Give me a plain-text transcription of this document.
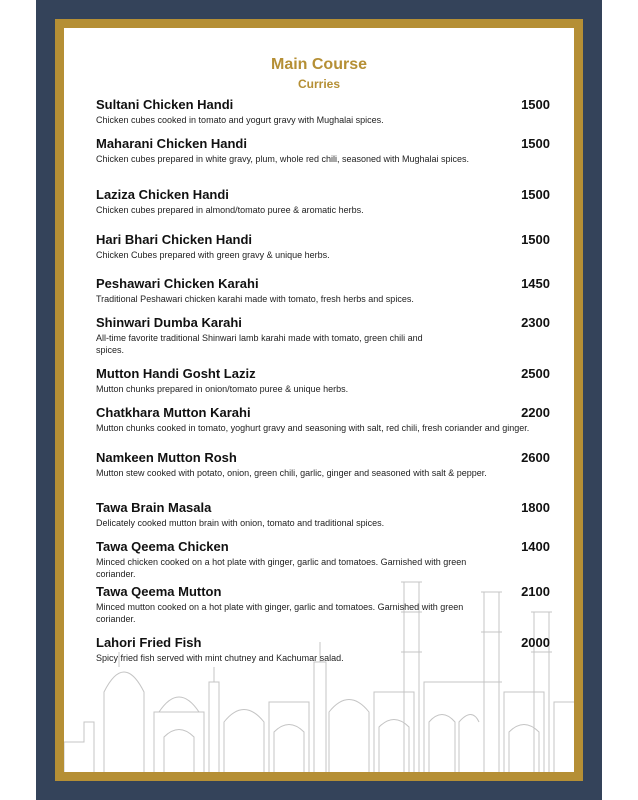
Main Course
Curries
Sultani Chicken Handi	1500
Chicken cubes cooked in tomato and yogurt gravy with Mughalai spices.
Maharani Chicken Handi	1500
Chicken cubes prepared in white gravy, plum, whole red chili, seasoned with Mughalai spices.
Laziza Chicken Handi	1500
Chicken cubes prepared in almond/tomato puree & aromatic herbs.
Hari Bhari Chicken Handi	1500
Chicken Cubes prepared with green gravy & unique herbs.
Peshawari Chicken Karahi	1450
Traditional Peshawari chicken karahi made with tomato, fresh herbs and spices.
Shinwari Dumba Karahi	2300
All-time favorite traditional Shinwari lamb karahi made with tomato, green chili and spices.
Mutton Handi Gosht Laziz	2500
Mutton chunks prepared in onion/tomato puree & unique herbs.
Chatkhara Mutton Karahi	2200
Mutton chunks cooked in tomato, yoghurt gravy and seasoning with salt, red chili, fresh coriander and ginger.
Namkeen Mutton Rosh	2600
Mutton stew cooked with potato, onion, green chili, garlic, ginger and seasoned with salt & pepper.
Tawa Brain Masala	1800
Delicately cooked mutton brain with onion, tomato and traditional spices.
Tawa Qeema Chicken	1400
Minced chicken cooked on a hot plate with ginger, garlic and tomatoes. Garnished with green coriander.
Tawa Qeema Mutton	2100
Minced mutton cooked on a hot plate with ginger, garlic and tomatoes. Garnished with green coriander.
Lahori Fried Fish	2000
Spicy fried fish served with mint chutney and Kachumar salad.
